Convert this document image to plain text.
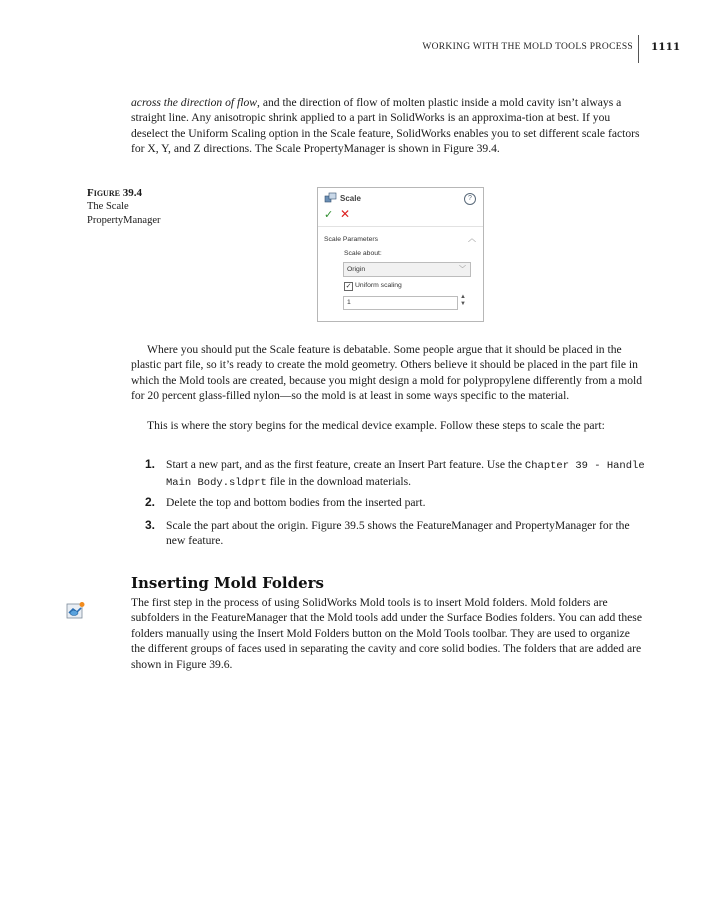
WORKING WITH THE MOLD TOOLS PROCESS 1111

across the direction of flow, and the direction of flow of molten plastic inside a mold cavity isn’t always a straight line. Any anisotropic shrink applied to a part in SolidWorks is an approxima-tion at best. If you deselect the Uniform Scaling option in the Scale feature, SolidWorks enables you to set different scale factors for X, Y, and Z directions. The Scale PropertyManager is shown in Figure 39.4.

Figure 39.4
The Scale PropertyManager
Scale	?
✓ ✕
Scale Parameters	︿
Scale about:
Origin	﹀
✓ Uniform scaling
1
▲
▼

Where you should put the Scale feature is debatable. Some people argue that it should be placed in the plastic part file, so it’s ready to create the mold geometry. Others believe it should be placed in the part file in which the Mold tools are created, because you might design a mold for polypropylene differently from a mold for 20 percent glass-filled nylon—so the mold is at least in some ways specific to the material.

This is where the story begins for the medical device example. Follow these steps to scale the part:

1. Start a new part, and as the first feature, create an Insert Part feature. Use the Chapter 39 - Handle Main Body.sldprt file in the download materials.
2. Delete the top and bottom bodies from the inserted part.
3. Scale the part about the origin. Figure 39.5 shows the FeatureManager and PropertyManager for the new feature.
Inserting Mold Folders

The first step in the process of using SolidWorks Mold tools is to insert Mold folders. Mold folders are subfolders in the FeatureManager that the Mold tools add under the Surface Bodies folders. You can add these folders manually using the Insert Mold Folders button on the Mold Tools toolbar. They are used to organize the different groups of faces used in separating the cavity and core solid bodies. The folders that are added are shown in Figure 39.6.
